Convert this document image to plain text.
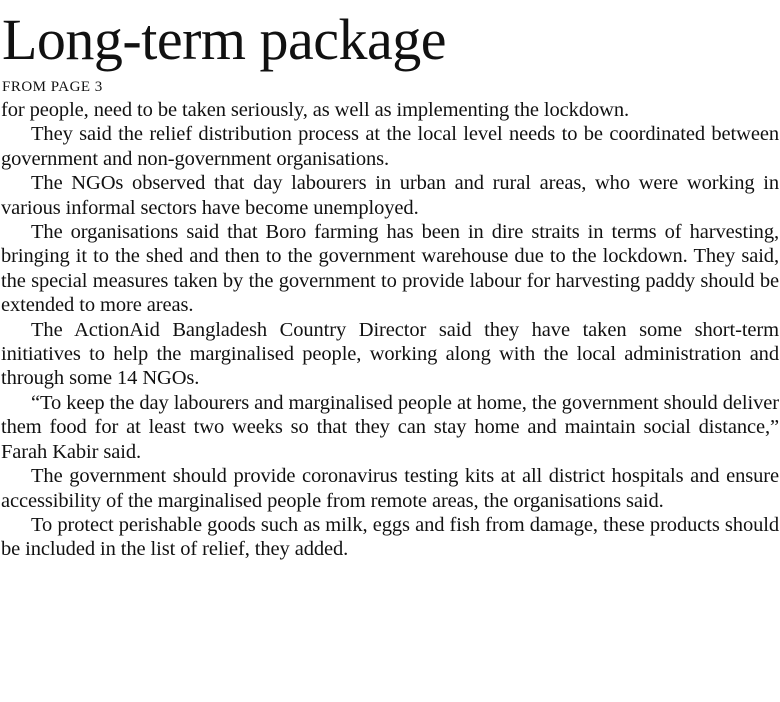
Long-term package
FROM PAGE 3

for people, need to be taken seriously, as well as implementing the lockdown.

They said the relief distribution process at the local level needs to be coordinated between government and non-government organisations.

The NGOs observed that day labourers in urban and rural areas, who were working in various informal sectors have become unemployed.

The organisations said that Boro farming has been in dire straits in terms of harvesting, bringing it to the shed and then to the government warehouse due to the lockdown. They said, the special measures taken by the government to provide labour for harvesting paddy should be extended to more areas.

The ActionAid Bangladesh Country Director said they have taken some short-term initiatives to help the marginalised people, working along with the local administration and through some 14 NGOs.

“To keep the day labourers and marginalised people at home, the government should deliver them food for at least two weeks so that they can stay home and maintain social distance,” Farah Kabir said.

The government should provide coronavirus testing kits at all district hospitals and ensure accessibility of the marginalised people from remote areas, the organisations said.

To protect perishable goods such as milk, eggs and fish from damage, these products should be included in the list of relief, they added.
